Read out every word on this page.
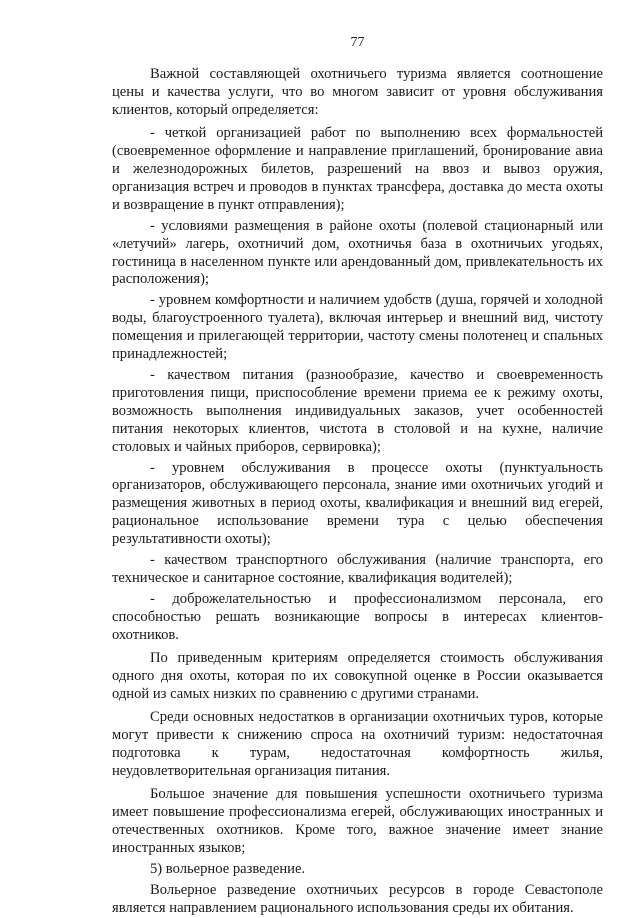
77

Важной составляющей охотничьего туризма является соотношение цены и качества услуги, что во многом зависит от уровня обслуживания клиентов, который определяется:

- четкой организацией работ по выполнению всех формальностей (своевременное оформление и направление приглашений, бронирование авиа и железнодорожных билетов, разрешений на ввоз и вывоз оружия, организация встреч и проводов в пунктах трансфера, доставка до места охоты и возвращение в пункт отправления);

- условиями размещения в районе охоты (полевой стационарный или «летучий» лагерь, охотничий дом, охотничья база в охотничьих угодьях, гостиница в населенном пункте или арендованный дом, привлекательность их расположения);

- уровнем комфортности и наличием удобств (душа, горячей и холодной воды, благоустроенного туалета), включая интерьер и внешний вид, чистоту помещения и прилегающей территории, частоту смены полотенец и спальных принадлежностей;

- качеством питания (разнообразие, качество и своевременность приготовления пищи, приспособление времени приема ее к режиму охоты, возможность выполнения индивидуальных заказов, учет особенностей питания некоторых клиентов, чистота в столовой и на кухне, наличие столовых и чайных приборов, сервировка);

- уровнем обслуживания в процессе охоты (пунктуальность организаторов, обслуживающего персонала, знание ими охотничьих угодий и размещения животных в период охоты, квалификация и внешний вид егерей, рациональное использование времени тура с целью обеспечения результативности охоты);

- качеством транспортного обслуживания (наличие транспорта, его техническое и санитарное состояние, квалификация водителей);

- доброжелательностью и профессионализмом персонала, его способностью решать возникающие вопросы в интересах клиентов-охотников.

По приведенным критериям определяется стоимость обслуживания одного дня охоты, которая по их совокупной оценке в России оказывается одной из самых низких по сравнению с другими странами.

Среди основных недостатков в организации охотничьих туров, которые могут привести к снижению спроса на охотничий туризм: недостаточная подготовка к турам, недостаточная комфортность жилья, неудовлетворительная организация питания.

Большое значение для повышения успешности охотничьего туризма имеет повышение профессионализма егерей, обслуживающих иностранных и отечественных охотников. Кроме того, важное значение имеет знание иностранных языков;

5) вольерное разведение.

Вольерное разведение охотничьих ресурсов в городе Севастополе является направлением рационального использования среды их обитания.
